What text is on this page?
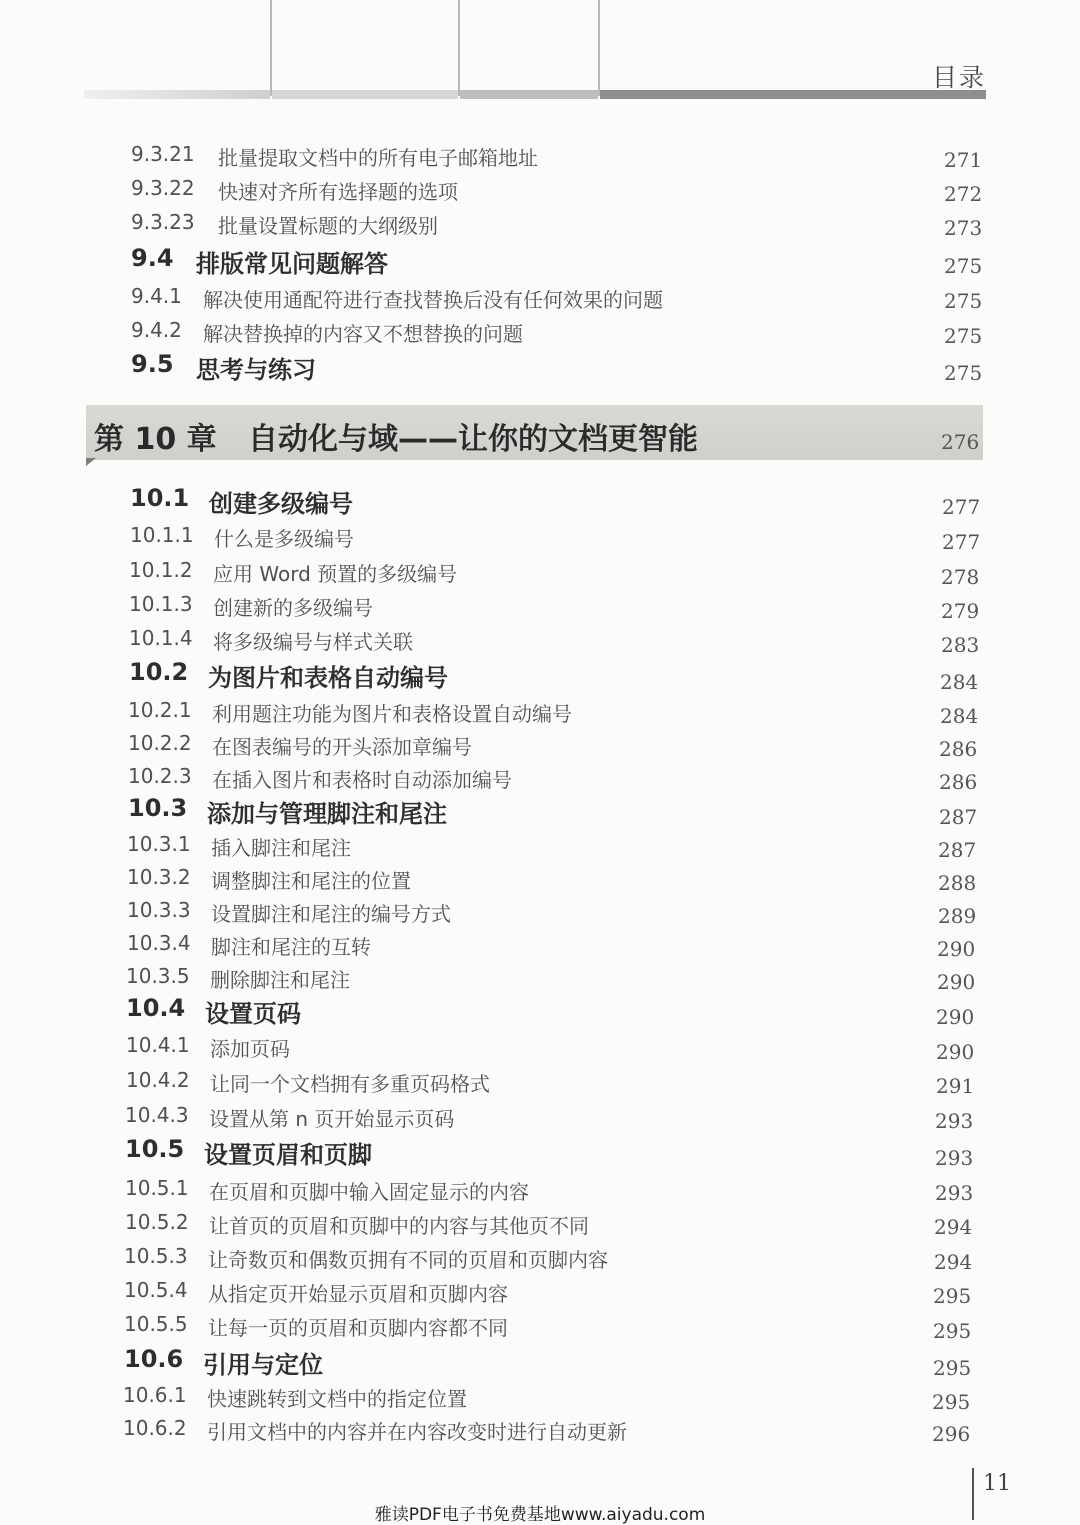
目录
9.3.21 批量提取文档中的所有电子邮箱地址	271
9.3.22 快速对齐所有选择题的选项	272
9.3.23 批量设置标题的大纲级别	273
9.4 排版常见问题解答	275
9.4.1 解决使用通配符进行查找替换后没有任何效果的问题	275
9.4.2 解决替换掉的内容又不想替换的问题	275
9.5 思考与练习	275
第 10 章 自动化与域——让你的文档更智能	276
10.1 创建多级编号	277
10.1.1 什么是多级编号	277
10.1.2 应用 Word 预置的多级编号	278
10.1.3 创建新的多级编号	279
10.1.4 将多级编号与样式关联	283
10.2 为图片和表格自动编号	284
10.2.1 利用题注功能为图片和表格设置自动编号	284
10.2.2 在图表编号的开头添加章编号	286
10.2.3 在插入图片和表格时自动添加编号	286
10.3 添加与管理脚注和尾注	287
10.3.1 插入脚注和尾注	287
10.3.2 调整脚注和尾注的位置	288
10.3.3 设置脚注和尾注的编号方式	289
10.3.4 脚注和尾注的互转	290
10.3.5 删除脚注和尾注	290
10.4 设置页码	290
10.4.1 添加页码	290
10.4.2 让同一个文档拥有多重页码格式	291
10.4.3 设置从第 n 页开始显示页码	293
10.5 设置页眉和页脚	293
10.5.1 在页眉和页脚中输入固定显示的内容	293
10.5.2 让首页的页眉和页脚中的内容与其他页不同	294
10.5.3 让奇数页和偶数页拥有不同的页眉和页脚内容	294
10.5.4 从指定页开始显示页眉和页脚内容	295
10.5.5 让每一页的页眉和页脚内容都不同	295
10.6 引用与定位	295
10.6.1 快速跳转到文档中的指定位置	295
10.6.2 引用文档中的内容并在内容改变时进行自动更新	296
11
雅读PDF电子书免费基地www.aiyadu.com
